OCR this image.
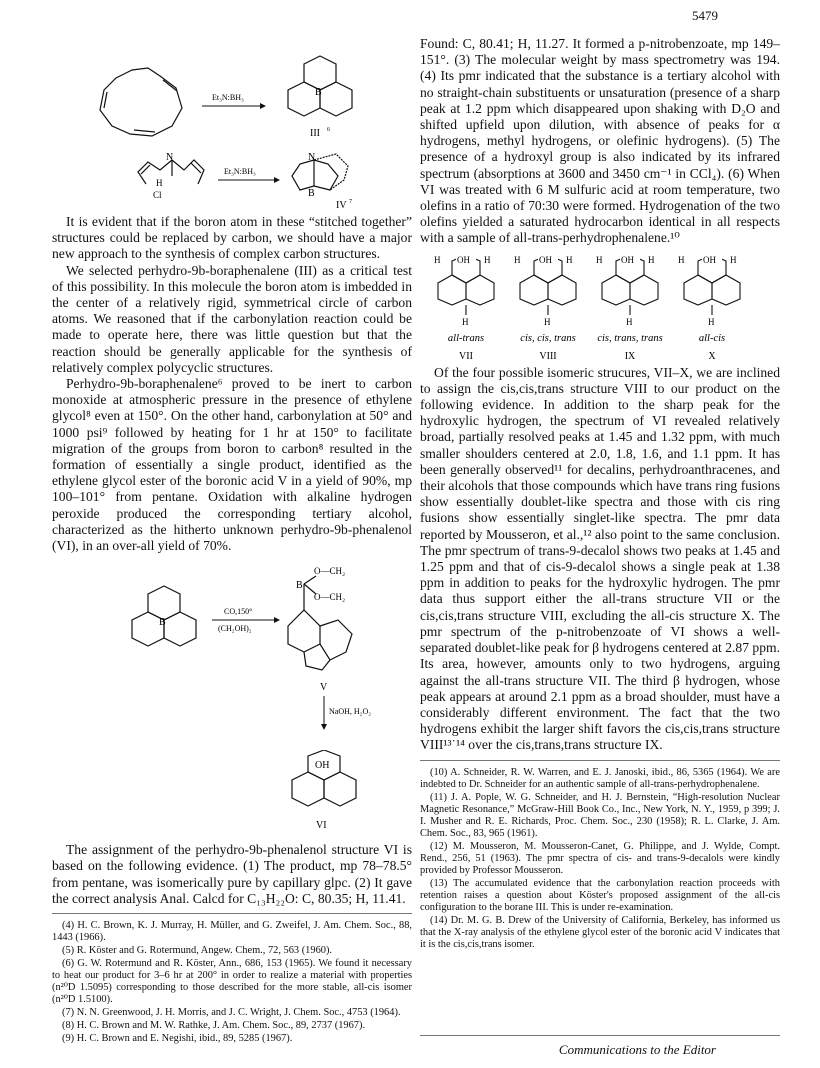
5479
Et₃N:BH₃	B
III 6
N
H
Cl
Et₃N:BH₃
N
B
IV 7

It is evident that if the boron atom in these “stitched together” structures could be replaced by carbon, we should have a major new approach to the synthesis of complex carbon structures.

We selected perhydro-9b-boraphenalene (III) as a critical test of this possibility. In this molecule the boron atom is imbedded in the center of a relatively rigid, symmetrical circle of carbon atoms. We reasoned that if the carbonylation reaction could be made to operate here, there was little question but that the reaction should be generally applicable for the synthesis of relatively complex polycyclic structures.

Perhydro-9b-boraphenalene⁶ proved to be inert to carbon monoxide at atmospheric pressure in the presence of ethylene glycol⁸ even at 150°. On the other hand, carbonylation at 50° and 1000 psi⁹ followed by heating for 1 hr at 150° to facilitate migration of the groups from boron to carbon⁸ resulted in the formation of essentially a single product, identified as the ethylene glycol ester of the boronic acid V in a yield of 90%, mp 100–101° from pentane. Oxidation with alkaline hydrogen peroxide produced the corresponding tertiary alcohol, characterized as the hitherto unknown perhydro-9b-phenalenol (VI), in an over-all yield of 70%.

B
CO,150°
(CH₂OH)₂
B
O—CH₂
O—CH₂
V
NaOH, H₂O₂
OH
VI

The assignment of the perhydro-9b-phenalenol structure VI is based on the following evidence. (1) The product, mp 78–78.5° from pentane, was isomerically pure by capillary glpc. (2) It gave the correct analysis Anal. Calcd for C₁₃H₂₂O: C, 80.35; H, 11.41.

(4) H. C. Brown, K. J. Murray, H. Müller, and G. Zweifel, J. Am. Chem. Soc., 88, 1443 (1966).

(5) R. Köster and G. Rotermund, Angew. Chem., 72, 563 (1960).

(6) G. W. Rotermund and R. Köster, Ann., 686, 153 (1965). We found it necessary to heat our product for 3–6 hr at 200° in order to realize a material with properties (n²⁰D 1.5095) corresponding to those described for the more stable, all-cis isomer (n²⁰D 1.5100).

(7) N. N. Greenwood, J. H. Morris, and J. C. Wright, J. Chem. Soc., 4753 (1964).

(8) H. C. Brown and M. W. Rathke, J. Am. Chem. Soc., 89, 2737 (1967).

(9) H. C. Brown and E. Negishi, ibid., 89, 5285 (1967).

Found: C, 80.41; H, 11.27. It formed a p-nitrobenzoate, mp 149–151°. (3) The molecular weight by mass spectrometry was 194. (4) Its pmr indicated that the substance is a tertiary alcohol with no straight-chain substituents or unsaturation (presence of a sharp peak at 1.2 ppm which disappeared upon shaking with D₂O and shifted upfield upon dilution, with absence of peaks for α hydrogens, methyl hydrogens, or olefinic hydrogens). (5) The presence of a hydroxyl group is also indicated by its infrared spectrum (absorptions at 3600 and 3450 cm⁻¹ in CCl₄). (6) When VI was treated with 6 M sulfuric acid at room temperature, two olefins in a ratio of 70:30 were formed. Hydrogenation of the two olefins yielded a saturated hydrocarbon identical in all respects with a sample of all-trans-perhydrophenalene.¹⁰

OH
H	H
H
OH
H	H
H
OH
H	H
H
OH
H	H
H
all-trans	cis, cis, trans cis, trans, trans	all-cis
VII	VIII	IX	X

Of the four possible isomeric strucures, VII–X, we are inclined to assign the cis,cis,trans structure VIII to our product on the following evidence. In addition to the sharp peak for the hydroxylic hydrogen, the spectrum of VI revealed relatively broad, partially resolved peaks at 1.45 and 1.32 ppm, with much smaller shoulders centered at 2.0, 1.8, 1.6, and 1.1 ppm. It has been generally observed¹¹ for decalins, perhydroanthracenes, and their alcohols that those compounds which have trans ring fusions show essentially doublet-like spectra and those with cis ring fusions show essentially singlet-like spectra. The pmr data reported by Mousseron, et al.,¹² also point to the same conclusion. The pmr spectrum of trans-9-decalol shows two peaks at 1.45 and 1.25 ppm and that of cis-9-decalol shows a single peak at 1.38 ppm in addition to peaks for the hydroxylic hydrogen. The pmr data thus support either the all-trans structure VII or the cis,cis,trans structure VIII, excluding the all-cis structure X. The pmr spectrum of the p-nitrobenzoate of VI shows a well-separated doublet-like peak for β hydrogens centered at 2.87 ppm. Its area, however, amounts only to two hydrogens, arguing against the all-trans structure VII. The third β hydrogen, whose peak appears at around 2.1 ppm as a broad shoulder, must have a considerably different environment. The fact that the two hydrogens exhibit the larger shift favors the cis,cis,trans structure VIII¹³˙¹⁴ over the cis,trans,trans structure IX.

(10) A. Schneider, R. W. Warren, and E. J. Janoski, ibid., 86, 5365 (1964). We are indebted to Dr. Schneider for an authentic sample of all-trans-perhydrophenalene.

(11) J. A. Pople, W. G. Schneider, and H. J. Bernstein, “High-resolution Nuclear Magnetic Resonance,” McGraw-Hill Book Co., Inc., New York, N. Y., 1959, p 399; J. I. Musher and R. E. Richards, Proc. Chem. Soc., 230 (1958); R. L. Clarke, J. Am. Chem. Soc., 83, 965 (1961).

(12) M. Mousseron, M. Mousseron-Canet, G. Philippe, and J. Wylde, Compt. Rend., 256, 51 (1963). The pmr spectra of cis- and trans-9-decalols were kindly provided by Professor Mousseron.

(13) The accumulated evidence that the carbonylation reaction proceeds with retention raises a question about Köster's proposed assignment of the all-cis configuration to the borane III. This is under re-examination.

(14) Dr. M. G. B. Drew of the University of California, Berkeley, has informed us that the X-ray analysis of the ethylene glycol ester of the boronic acid V indicates that it is the cis,cis,trans isomer.

Communications to the Editor
